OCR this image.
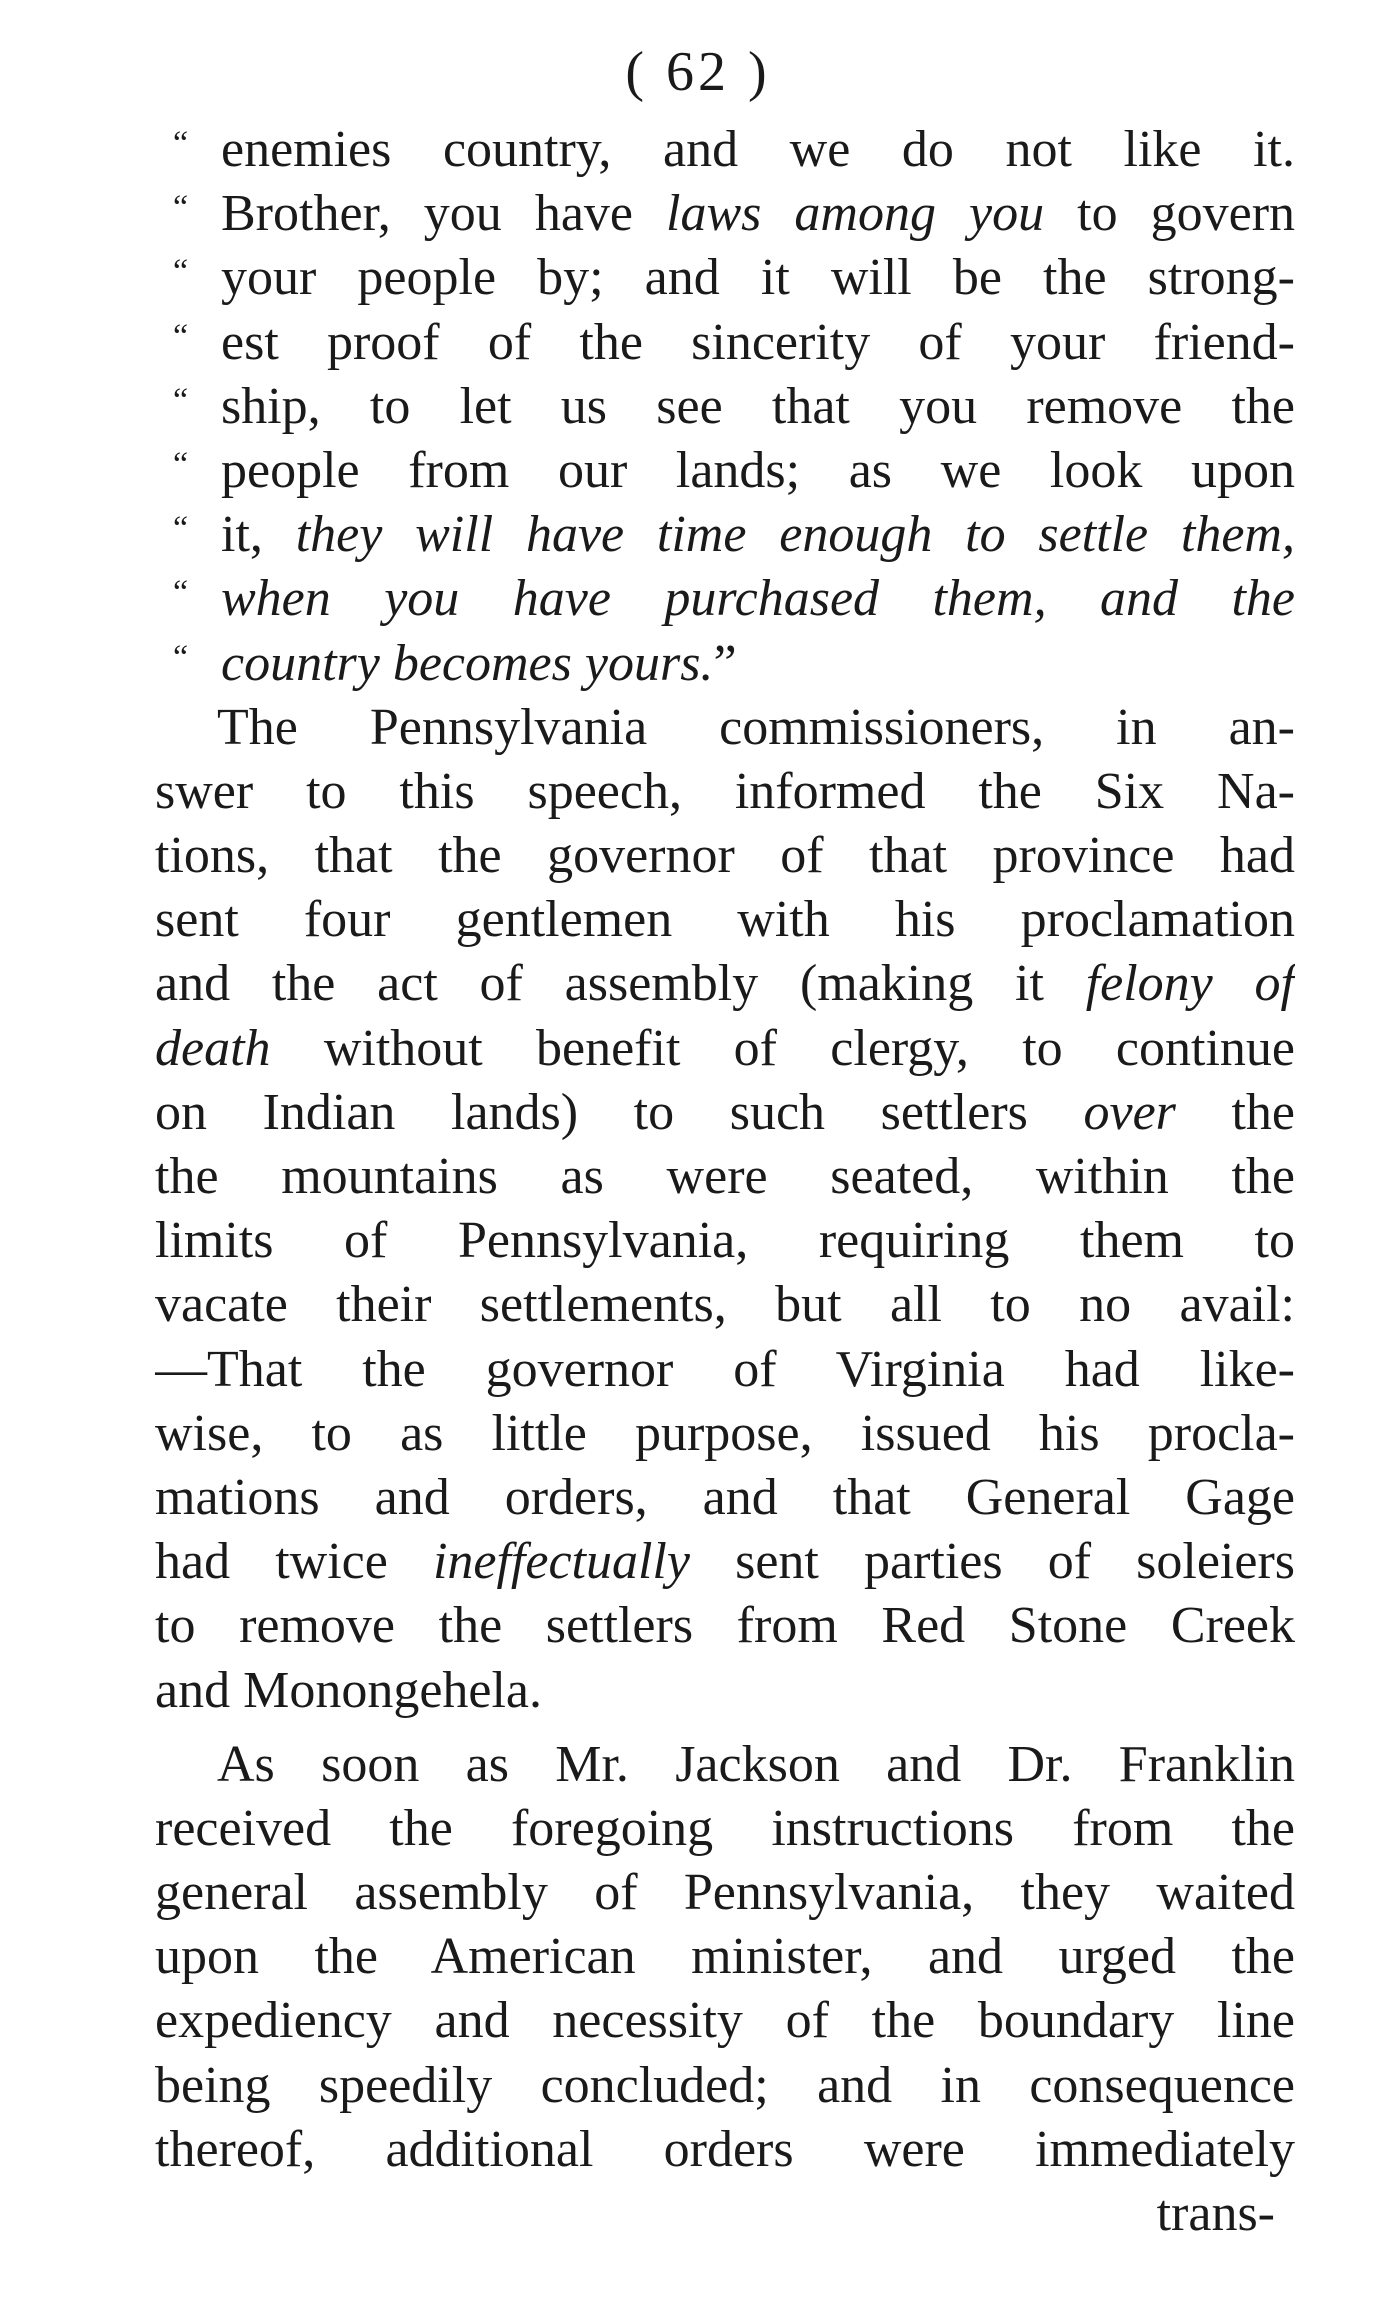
( 62 )
“ enemies country, and we do not like it.
“ Brother, you have laws among you to govern
“ your people by; and it will be the strong-
“ est proof of the sincerity of your friend-
“ ship, to let us see that you remove the
“ people from our lands; as we look upon
“ it, they will have time enough to settle them,
“ when you have purchased them, and the
“ country becomes yours.”
The Pennsylvania commissioners, in an-
swer to this speech, informed the Six Na-
tions, that the governor of that province had
sent four gentlemen with his proclamation
and the act of assembly (making it felony of
death without benefit of clergy, to continue
on Indian lands) to such settlers over the
the mountains as were seated, within the
limits of Pennsylvania, requiring them to
vacate their settlements, but all to no avail:
—That the governor of Virginia had like-
wise, to as little purpose, issued his procla-
mations and orders, and that General Gage
had twice ineffectually sent parties of soleiers
to remove the settlers from Red Stone Creek
and Monongehela.
As soon as Mr. Jackson and Dr. Franklin
received the foregoing instructions from the
general assembly of Pennsylvania, they waited
upon the American minister, and urged the
expediency and necessity of the boundary line
being speedily concluded; and in consequence
thereof, additional orders were immediately
trans-
